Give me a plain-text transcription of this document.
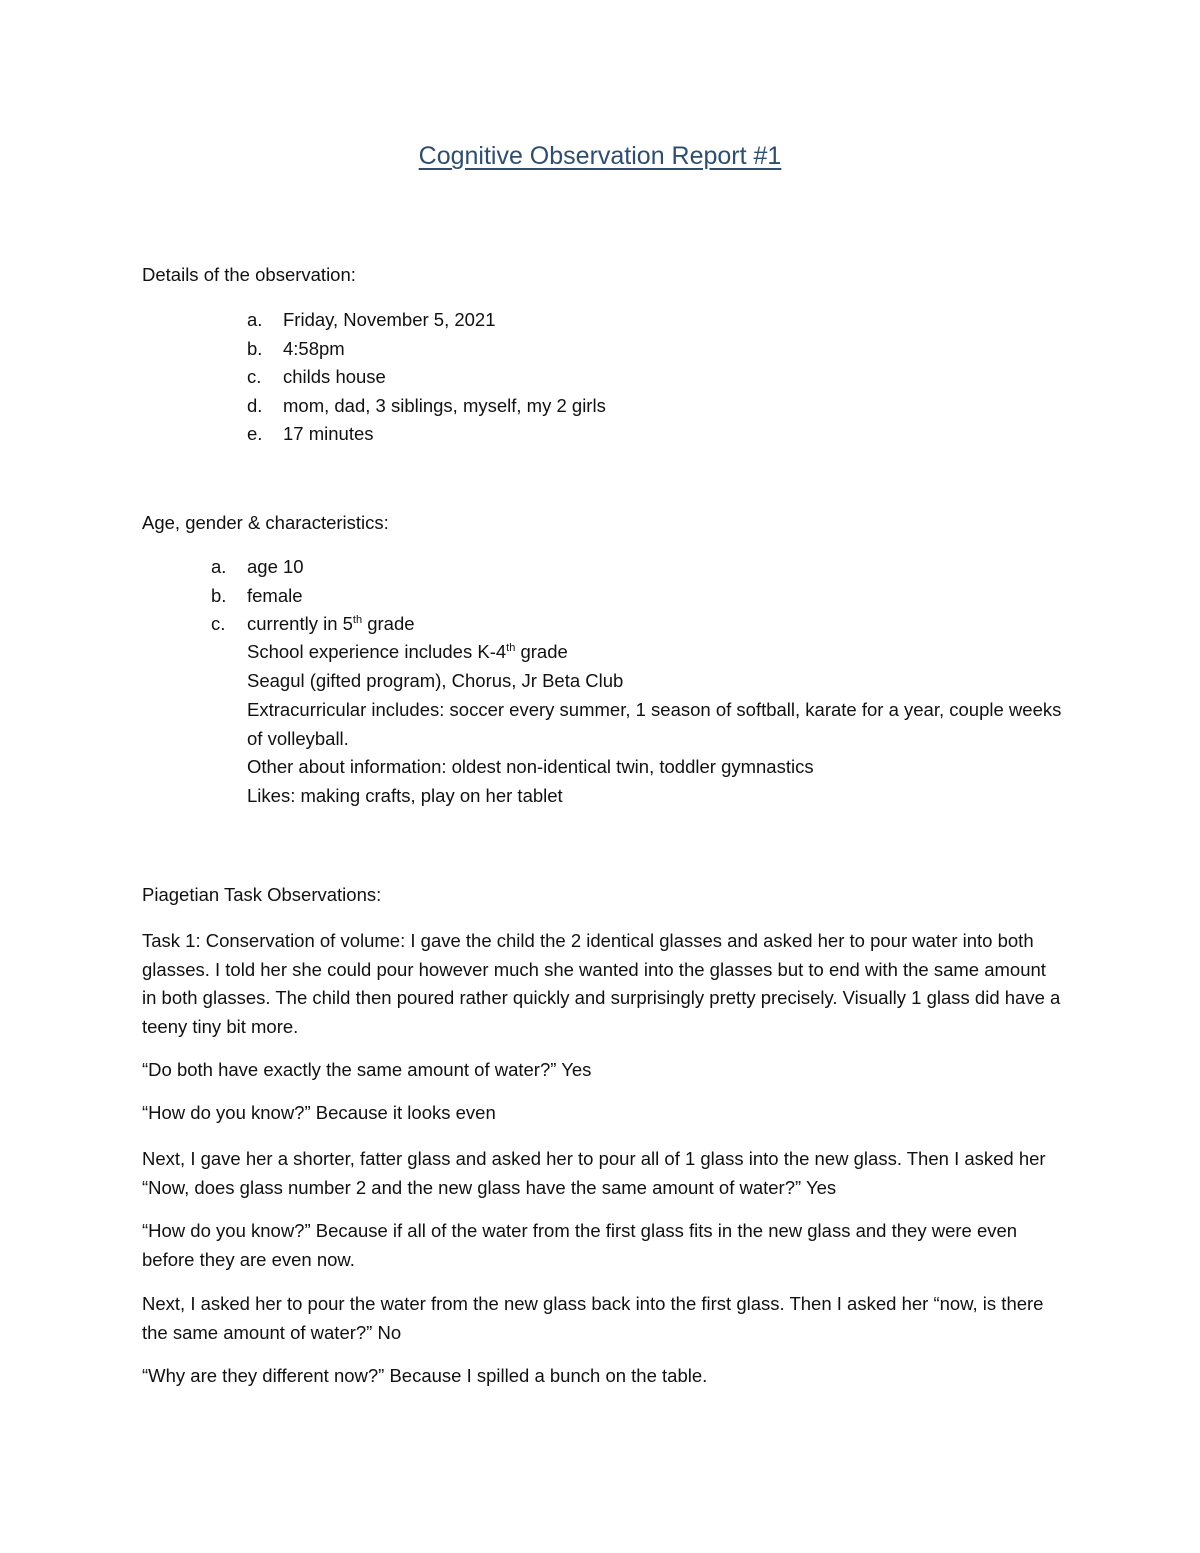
Cognitive Observation Report #1
Details of the observation:
a.	Friday, November 5, 2021
b.	4:58pm
c.	childs house
d.	mom, dad, 3 siblings, myself, my 2 girls
e.	17 minutes
Age, gender & characteristics:
a.	age 10
b.	female
c.	currently in 5th grade
School experience includes K-4th grade
Seagul (gifted program), Chorus, Jr Beta Club
Extracurricular includes: soccer every summer, 1 season of softball, karate for a year, couple weeks of volleyball.
Other about information: oldest non-identical twin, toddler gymnastics
Likes: making crafts, play on her tablet
Piagetian Task Observations:
Task 1: Conservation of volume: I gave the child the 2 identical glasses and asked her to pour water into both glasses. I told her she could pour however much she wanted into the glasses but to end with the same amount in both glasses. The child then poured rather quickly and surprisingly pretty precisely. Visually 1 glass did have a teeny tiny bit more.
“Do both have exactly the same amount of water?” Yes
“How do you know?” Because it looks even
Next, I gave her a shorter, fatter glass and asked her to pour all of 1 glass into the new glass. Then I asked her “Now, does glass number 2 and the new glass have the same amount of water?” Yes
“How do you know?” Because if all of the water from the first glass fits in the new glass and they were even before they are even now.
Next, I asked her to pour the water from the new glass back into the first glass. Then I asked her “now, is there the same amount of water?” No
“Why are they different now?” Because I spilled a bunch on the table.
